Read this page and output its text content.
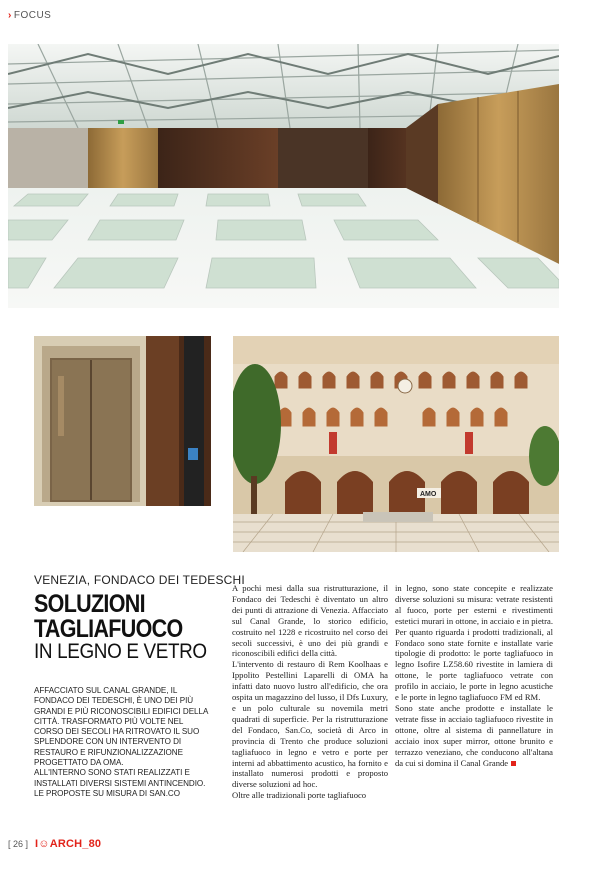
› FOCUS
AMO
VENEZIA, FONDACO DEI TEDESCHI
SOLUZIONI
TAGLIAFUOCO
IN LEGNO E VETRO

AFFACCIATO SUL CANAL GRANDE, IL FONDACO DEI TEDESCHI, È UNO DEI PIÙ GRANDI E PIÙ RICONOSCIBILI EDIFICI DELLA CITTÀ. TRASFORMATO PIÙ VOLTE NEL CORSO DEI SECOLI HA RITROVATO IL SUO SPLENDORE CON UN INTERVENTO DI RESTAURO E RIFUNZIONALIZZAZIONE PROGETTATO DA OMA.

ALL'INTERNO SONO STATI REALIZZATI E INSTALLATI DIVERSI SISTEMI ANTINCENDIO. LE PROPOSTE SU MISURA DI SAN.CO

A pochi mesi dalla sua ristrutturazione, il Fondaco dei Tedeschi è diventato un altro dei punti di attrazione di Venezia. Affacciato sul Canal Grande, lo storico edificio, costruito nel 1228 e ricostruito nel corso dei secoli successivi, è uno dei più grandi e riconoscibili edifici della città.

L'intervento di restauro di Rem Koolhaas e Ippolito Pestellini Laparelli di OMA ha infatti dato nuovo lustro all'edificio, che ora ospita un magazzino del lusso, il Dfs Luxury, e un polo culturale su novemila metri quadrati di superficie. Per la ristrutturazione del Fondaco, San.Co, società di Arco in provincia di Trento che produce soluzioni tagliafuoco in legno e vetro e porte per interni ad abbattimento acustico, ha fornito e installato numerosi prodotti e proposto diverse soluzioni ad hoc.

Oltre alle tradizionali porte tagliafuoco

in legno, sono state concepite e realizzate diverse soluzioni su misura: vetrate resistenti al fuoco, porte per esterni e rivestimenti estetici murari in ottone, in acciaio e in pietra.

Per quanto riguarda i prodotti tradizionali, al Fondaco sono state fornite e installate varie tipologie di prodotto: le porte tagliafuoco in legno Isofire LZ58.60 rivestite in lamiera di ottone, le porte tagliafuoco vetrate con profilo in acciaio, le porte in legno acustiche e le porte in legno tagliafuoco FM ed RM.

Sono state anche prodotte e installate le vetrate fisse in acciaio tagliafuoco rivestite in ottone, oltre al sistema di pannellature in acciaio inox super mirror, ottone brunito e terrazzo veneziano, che conducono all'altana da cui si domina il Canal Grande

[ 26 ] I☺ARCH_80
